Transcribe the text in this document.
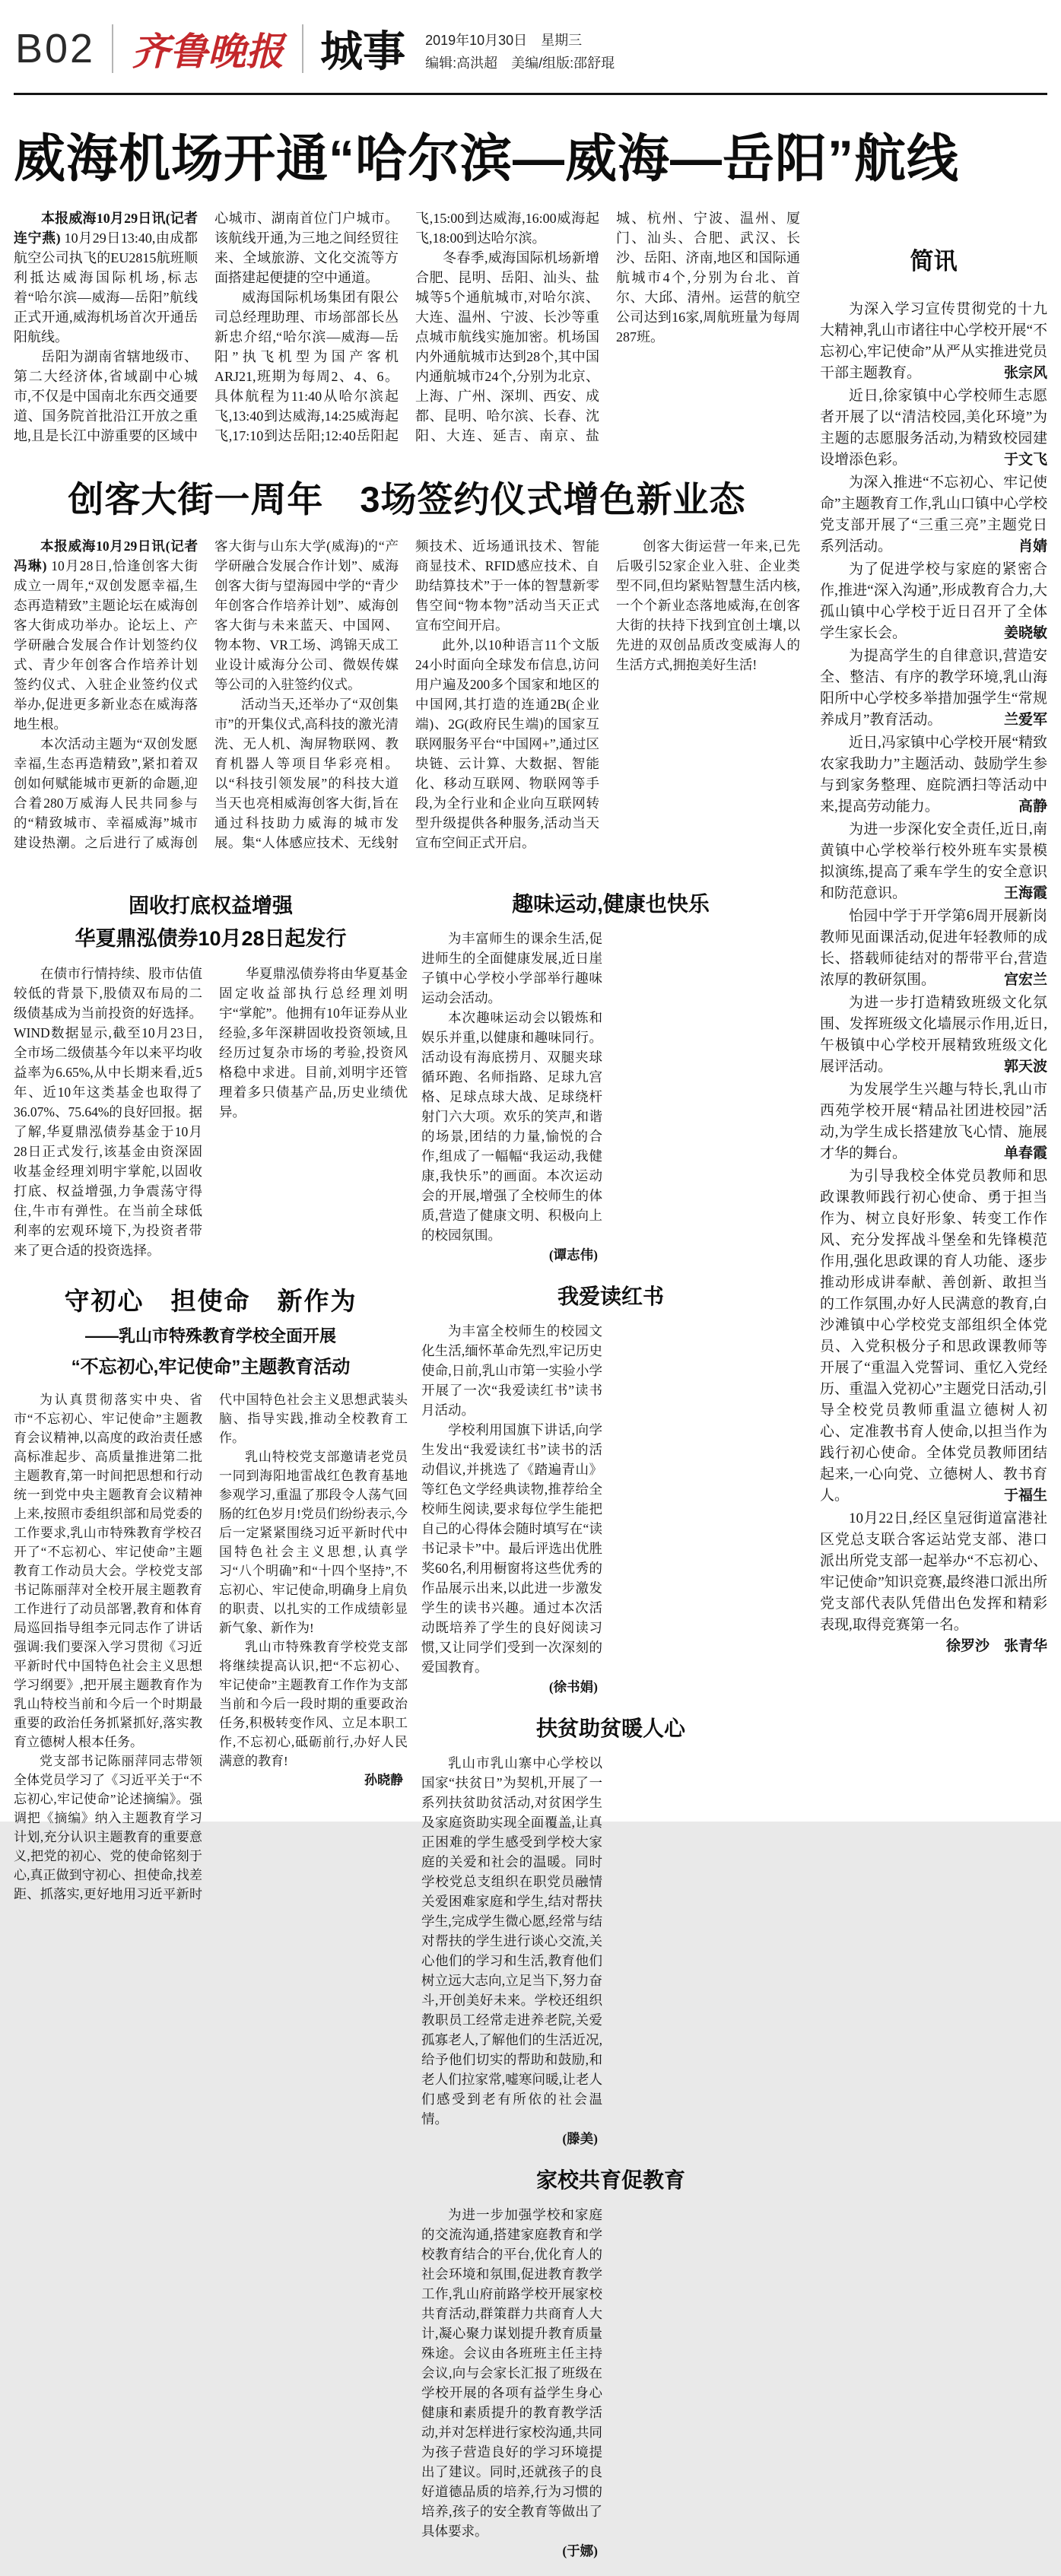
B02 齐鲁晚报 城事	2019年10月30日　星期三
编辑:高洪超　美编/组版:邵舒琨
威海机场开通“哈尔滨—威海—岳阳”航线

本报威海10月29日讯(记者 连宁燕) 10月29日13:40,由成都航空公司执飞的EU2815航班顺利抵达威海国际机场,标志着“哈尔滨—威海—岳阳”航线正式开通,威海机场首次开通岳阳航线。

岳阳为湖南省辖地级市、第二大经济体,省域副中心城市,不仅是中国南北东西交通要道、国务院首批沿江开放之重地,且是长江中游重要的区域中心城市、湖南首位门户城市。该航线开通,为三地之间经贸往来、全域旅游、文化交流等方面搭建起便捷的空中通道。

威海国际机场集团有限公司总经理助理、市场部部长丛新忠介绍,“哈尔滨—威海—岳阳”执飞机型为国产客机ARJ21,班期为每周2、4、6。具体航程为11:40从哈尔滨起飞,13:40到达威海,14:25威海起飞,17:10到达岳阳;12:40岳阳起飞,15:00到达威海,16:00威海起飞,18:00到达哈尔滨。

冬春季,威海国际机场新增合肥、昆明、岳阳、汕头、盐城等5个通航城市,对哈尔滨、大连、温州、宁波、长沙等重点城市航线实施加密。机场国内外通航城市达到28个,其中国内通航城市24个,分别为北京、上海、广州、深圳、西安、成都、昆明、哈尔滨、长春、沈阳、大连、延吉、南京、盐城、杭州、宁波、温州、厦门、汕头、合肥、武汉、长沙、岳阳、济南,地区和国际通航城市4个,分别为台北、首尔、大邱、清州。运营的航空公司达到16家,周航班量为每周287班。

创客大街一周年　3场签约仪式增色新业态

本报威海10月29日讯(记者 冯琳) 10月28日,恰逢创客大街成立一周年,“双创发愿幸福,生态再造精致”主题论坛在威海创客大街成功举办。论坛上、产学研融合发展合作计划签约仪式、青少年创客合作培养计划签约仪式、入驻企业签约仪式举办,促进更多新业态在威海落地生根。

本次活动主题为“双创发愿幸福,生态再造精致”,紧扣着双创如何赋能城市更新的命题,迎合着280万威海人民共同参与的“精致城市、幸福威海”城市建设热潮。之后进行了威海创客大街与山东大学(威海)的“产学研融合发展合作计划”、威海创客大街与望海园中学的“青少年创客合作培养计划”、威海创客大街与未来蓝天、中国网、物本物、VR工场、鸿锦天成工业设计威海分公司、微娱传媒等公司的入驻签约仪式。

活动当天,还举办了“双创集市”的开集仪式,高科技的激光清洗、无人机、淘屏物联网、教育机器人等项目华彩亮相。以“科技引领发展”的科技大道当天也亮相威海创客大街,旨在通过科技助力威海的城市发展。集“人体感应技术、无线射频技术、近场通讯技术、智能商显技术、RFID感应技术、自助结算技术”于一体的智慧新零售空间“物本物”活动当天正式宣布空间开启。

此外,以10种语言11个文版24小时面向全球发布信息,访问用户遍及200多个国家和地区的中国网,其打造的连通2B(企业端)、2G(政府民生端)的国家互联网服务平台“中国网+”,通过区块链、云计算、大数据、智能化、移动互联网、物联网等手段,为全行业和企业向互联网转型升级提供各种服务,活动当天宣布空间正式开启。

创客大街运营一年来,已先后吸引52家企业入驻、企业类型不同,但均紧贴智慧生活内核,一个个新业态落地威海,在创客大街的扶持下找到宜创土壤,以先进的双创品质改变威海人的生活方式,拥抱美好生活!

固收打底权益增强
华夏鼎泓债券10月28日起发行

在债市行情持续、股市估值较低的背景下,股债双布局的二级债基成为当前投资的好选择。WIND数据显示,截至10月23日,全市场二级债基今年以来平均收益率为6.65%,从中长期来看,近5年、近10年这类基金也取得了36.07%、75.64%的良好回报。据了解,华夏鼎泓债券基金于10月28日正式发行,该基金由资深固收基金经理刘明宇掌舵,以固收打底、权益增强,力争震荡守得住,牛市有弹性。在当前全球低利率的宏观环境下,为投资者带来了更合适的投资选择。

华夏鼎泓债券将由华夏基金固定收益部执行总经理刘明宇“掌舵”。他拥有10年证券从业经验,多年深耕固收投资领域,且经历过复杂市场的考验,投资风格稳中求进。目前,刘明宇还管理着多只债基产品,历史业绩优异。

守初心　担使命　新作为
——乳山市特殊教育学校全面开展
“不忘初心,牢记使命”主题教育活动

为认真贯彻落实中央、省市“不忘初心、牢记使命”主题教育会议精神,以高度的政治责任感高标准起步、高质量推进第二批主题教育,第一时间把思想和行动统一到党中央主题教育会议精神上来,按照市委组织部和局党委的工作要求,乳山市特殊教育学校召开了“不忘初心、牢记使命”主题教育工作动员大会。学校党支部书记陈丽萍对全校开展主题教育工作进行了动员部署,教育和体育局巡回指导组李元同志作了讲话强调:我们要深入学习贯彻《习近平新时代中国特色社会主义思想学习纲要》,把开展主题教育作为乳山特校当前和今后一个时期最重要的政治任务抓紧抓好,落实教育立德树人根本任务。

党支部书记陈丽萍同志带领全体党员学习了《习近平关于“不忘初心,牢记使命”论述摘编》。强调把《摘编》纳入主题教育学习计划,充分认识主题教育的重要意义,把党的初心、党的使命铭刻于心,真正做到守初心、担使命,找差距、抓落实,更好地用习近平新时代中国特色社会主义思想武装头脑、指导实践,推动全校教育工作。

乳山特校党支部邀请老党员一同到海阳地雷战红色教育基地参观学习,重温了那段令人荡气回肠的红色岁月!党员们纷纷表示,今后一定紧紧围绕习近平新时代中国特色社会主义思想,认真学习“八个明确”和“十四个坚持”,不忘初心、牢记使命,明确身上肩负的职责、以扎实的工作成绩彰显新气象、新作为!

乳山市特殊教育学校党支部将继续提高认识,把“不忘初心、牢记使命”主题教育工作作为支部当前和今后一段时期的重要政治任务,积极转变作风、立足本职工作,不忘初心,砥砺前行,办好人民满意的教育!

孙晓静
趣味运动,健康也快乐

为丰富师生的课余生活,促进师生的全面健康发展,近日崖子镇中心学校小学部举行趣味运动会活动。

本次趣味运动会以锻炼和娱乐并重,以健康和趣味同行。活动设有海底捞月、双腿夹球循环跑、名师指路、足球九宫格、足球点球大战、足球绕杆射门六大项。欢乐的笑声,和谐的场景,团结的力量,愉悦的合作,组成了一幅幅“我运动,我健康,我快乐”的画面。本次运动会的开展,增强了全校师生的体质,营造了健康文明、积极向上的校园氛围。

(谭志伟)
我爱读红书

为丰富全校师生的校园文化生活,缅怀革命先烈,牢记历史使命,日前,乳山市第一实验小学开展了一次“我爱读红书”读书月活动。

学校利用国旗下讲话,向学生发出“我爱读红书”读书的活动倡议,并挑选了《踏遍青山》等红色文学经典读物,推荐给全校师生阅读,要求每位学生能把自己的心得体会随时填写在“读书记录卡”中。最后评选出优胜奖60名,利用橱窗将这些优秀的作品展示出来,以此进一步激发学生的读书兴趣。通过本次活动既培养了学生的良好阅读习惯,又让同学们受到一次深刻的爱国教育。

(徐书娟)
扶贫助贫暖人心

乳山市乳山寨中心学校以国家“扶贫日”为契机,开展了一系列扶贫助贫活动,对贫困学生及家庭资助实现全面覆盖,让真正困难的学生感受到学校大家庭的关爱和社会的温暖。同时学校党总支组织在职党员融情关爱困难家庭和学生,结对帮扶学生,完成学生微心愿,经常与结对帮扶的学生进行谈心交流,关心他们的学习和生活,教育他们树立远大志向,立足当下,努力奋斗,开创美好未来。学校还组织教职员工经常走进养老院,关爱孤寡老人,了解他们的生活近况,给予他们切实的帮助和鼓励,和老人们拉家常,嘘寒问暖,让老人们感受到老有所依的社会温情。

(滕美)
家校共育促教育

为进一步加强学校和家庭的交流沟通,搭建家庭教育和学校教育结合的平台,优化育人的社会环境和氛围,促进教育教学工作,乳山府前路学校开展家校共育活动,群策群力共商育人大计,凝心聚力谋划提升教育质量殊途。会议由各班班主任主持会议,向与会家长汇报了班级在学校开展的各项有益学生身心健康和素质提升的教育教学活动,并对怎样进行家校沟通,共同为孩子营造良好的学习环境提出了建议。同时,还就孩子的良好道德品质的培养,行为习惯的培养,孩子的安全教育等做出了具体要求。

(于娜)
简讯

为深入学习宣传贯彻党的十九大精神,乳山市诸往中心学校开展“不忘初心,牢记使命”从严从实推进党员干部主题教育。	张宗风

近日,徐家镇中心学校师生志愿者开展了以“清洁校园,美化环境”为主题的志愿服务活动,为精致校园建设增添色彩。	于文飞

为深入推进“不忘初心、牢记使命”主题教育工作,乳山口镇中心学校党支部开展了“三重三亮”主题党日系列活动。	肖婧

为了促进学校与家庭的紧密合作,推进“深入沟通”,形成教育合力,大孤山镇中心学校于近日召开了全体学生家长会。	姜晓敏

为提高学生的自律意识,营造安全、整洁、有序的教学环境,乳山海阳所中心学校多举措加强学生“常规养成月”教育活动。	兰爱军

近日,冯家镇中心学校开展“精致农家我助力”主题活动、鼓励学生参与到家务整理、庭院洒扫等活动中来,提高劳动能力。	高静

为进一步深化安全责任,近日,南黄镇中心学校举行校外班车实景模拟演练,提高了乘车学生的安全意识和防范意识。	王海霞

怡园中学于开学第6周开展新岗教师见面课活动,促进年轻教师的成长、搭载师徒结对的帮带平台,营造浓厚的教研氛围。	宫宏兰

为进一步打造精致班级文化氛围、发挥班级文化墙展示作用,近日,午极镇中心学校开展精致班级文化展评活动。	郭天波

为发展学生兴趣与特长,乳山市西苑学校开展“精品社团进校园”活动,为学生成长搭建放飞心情、施展才华的舞台。	单春霞

为引导我校全体党员教师和思政课教师践行初心使命、勇于担当作为、树立良好形象、转变工作作风、充分发挥战斗堡垒和先锋模范作用,强化思政课的育人功能、逐步推动形成讲奉献、善创新、敢担当的工作氛围,办好人民满意的教育,白沙滩镇中心学校党支部组织全体党员、入党积极分子和思政课教师等开展了“重温入党誓词、重忆入党经历、重温入党初心”主题党日活动,引导全校党员教师重温立德树人初心、定准教书育人使命,以担当作为践行初心使命。全体党员教师团结起来,一心向党、立德树人、教书育人。	于福生

10月22日,经区皇冠街道富港社区党总支联合客运站党支部、港口派出所党支部一起举办“不忘初心、牢记使命”知识竞赛,最终港口派出所党支部代表队凭借出色发挥和精彩表现,取得竞赛第一名。
徐罗沙　张青华
